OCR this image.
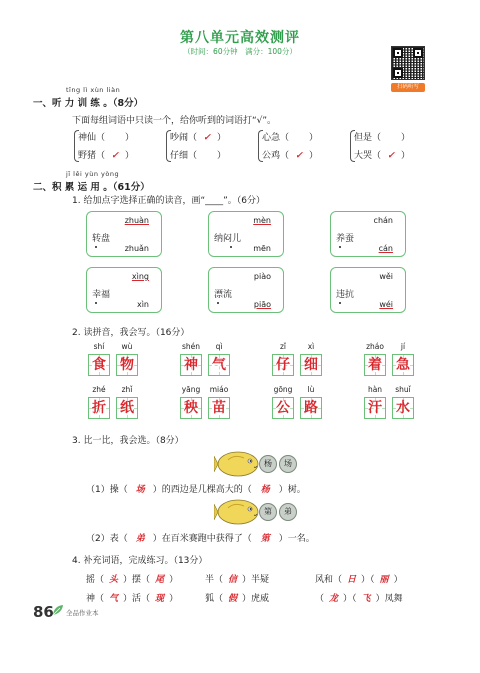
第八单元高效测评
（时间：60分钟　满分：100分）
扫码听写
tīng lì xùn liàn
一、听 力 训 练 。（8分）
下面每组词语中只读一个，给你听到的词语打“√”。
神仙（ ）
野猪（ ✓ ）
吵闹（ ✓ ）
仔细（ ）
心急（ ）
公鸡（ ✓ ）
但是（ ）
大哭（ ✓ ）
jī lěi yùn yòng
二、积 累 运 用 。（61分）
1. 给加点字选择正确的读音，画“____”。（6分）
zhuàn
转盘
zhuǎn
mèn
纳闷儿
mēn
chán
养蚕
cán
xìng
幸福
xìn
piào
漂流
piāo
wěi
违抗
wéi
2. 读拼音，我会写。（16分）
shí
食
wù
物
shén
神
qì
气
zǐ
仔
xì
细
zháo
着
jí
急
zhé
折
zhǐ
纸
yāng
秧
miáo
苗
gōng
公
lù
路
hàn
汗
shuǐ
水
3. 比一比，我会选。（8分）
杨	场
（1）操（ 场 ）的西边是几棵高大的（ 杨 ）树。
第	弟
（2）表（ 弟 ）在百米赛跑中获得了（ 第 ）一名。
4. 补充词语，完成练习。（13分）
摇（ 头 ）摆（ 尾 ）	半（ 信 ）半疑	风和（ 日 ）（ 丽 ）
神（ 气 ）活（ 现 ）	狐（ 假 ）虎威	（ 龙 ）（ 飞 ）凤舞
86 全品作业本
